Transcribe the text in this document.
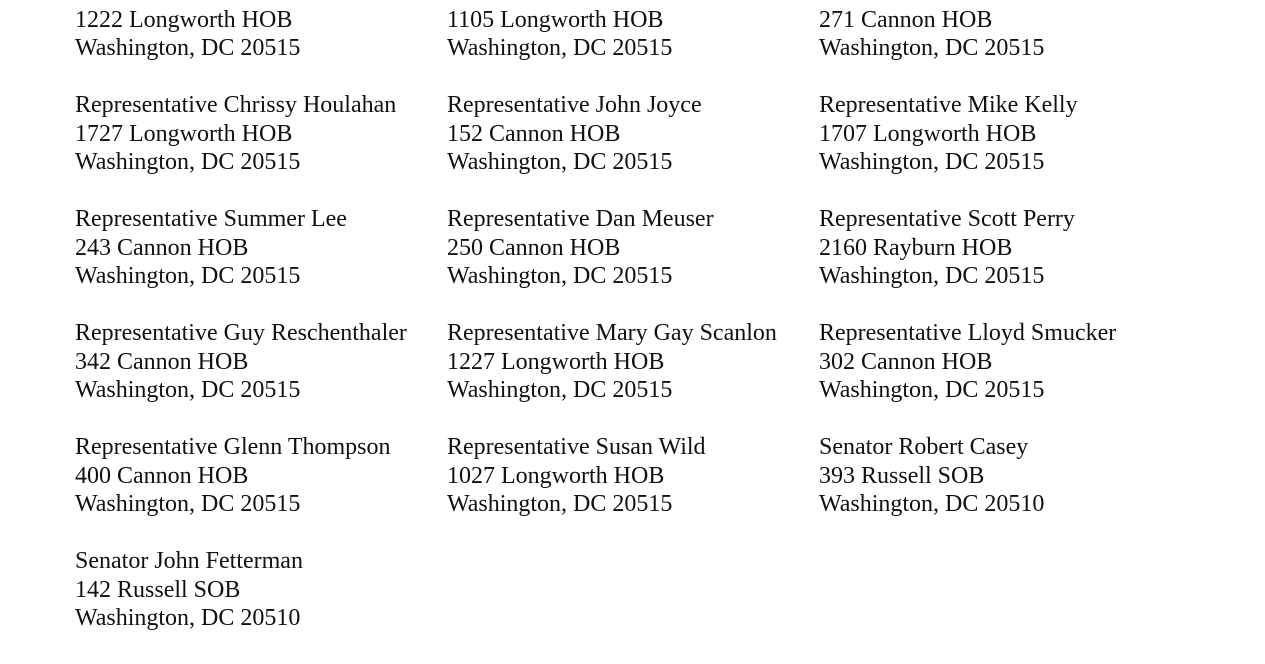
1222 Longworth HOB
Washington, DC 20515
1105 Longworth HOB
Washington, DC 20515
271 Cannon HOB
Washington, DC 20515
Representative Chrissy Houlahan
1727 Longworth HOB
Washington, DC 20515
Representative John Joyce
152 Cannon HOB
Washington, DC 20515
Representative Mike Kelly
1707 Longworth HOB
Washington, DC 20515
Representative Summer Lee
243 Cannon HOB
Washington, DC 20515
Representative Dan Meuser
250 Cannon HOB
Washington, DC 20515
Representative Scott Perry
2160 Rayburn HOB
Washington, DC 20515
Representative Guy Reschenthaler
342 Cannon HOB
Washington, DC 20515
Representative Mary Gay Scanlon
1227 Longworth HOB
Washington, DC 20515
Representative Lloyd Smucker
302 Cannon HOB
Washington, DC 20515
Representative Glenn Thompson
400 Cannon HOB
Washington, DC 20515
Representative Susan Wild
1027 Longworth HOB
Washington, DC 20515
Senator Robert Casey
393 Russell SOB
Washington, DC 20510
Senator John Fetterman
142 Russell SOB
Washington, DC 20510
